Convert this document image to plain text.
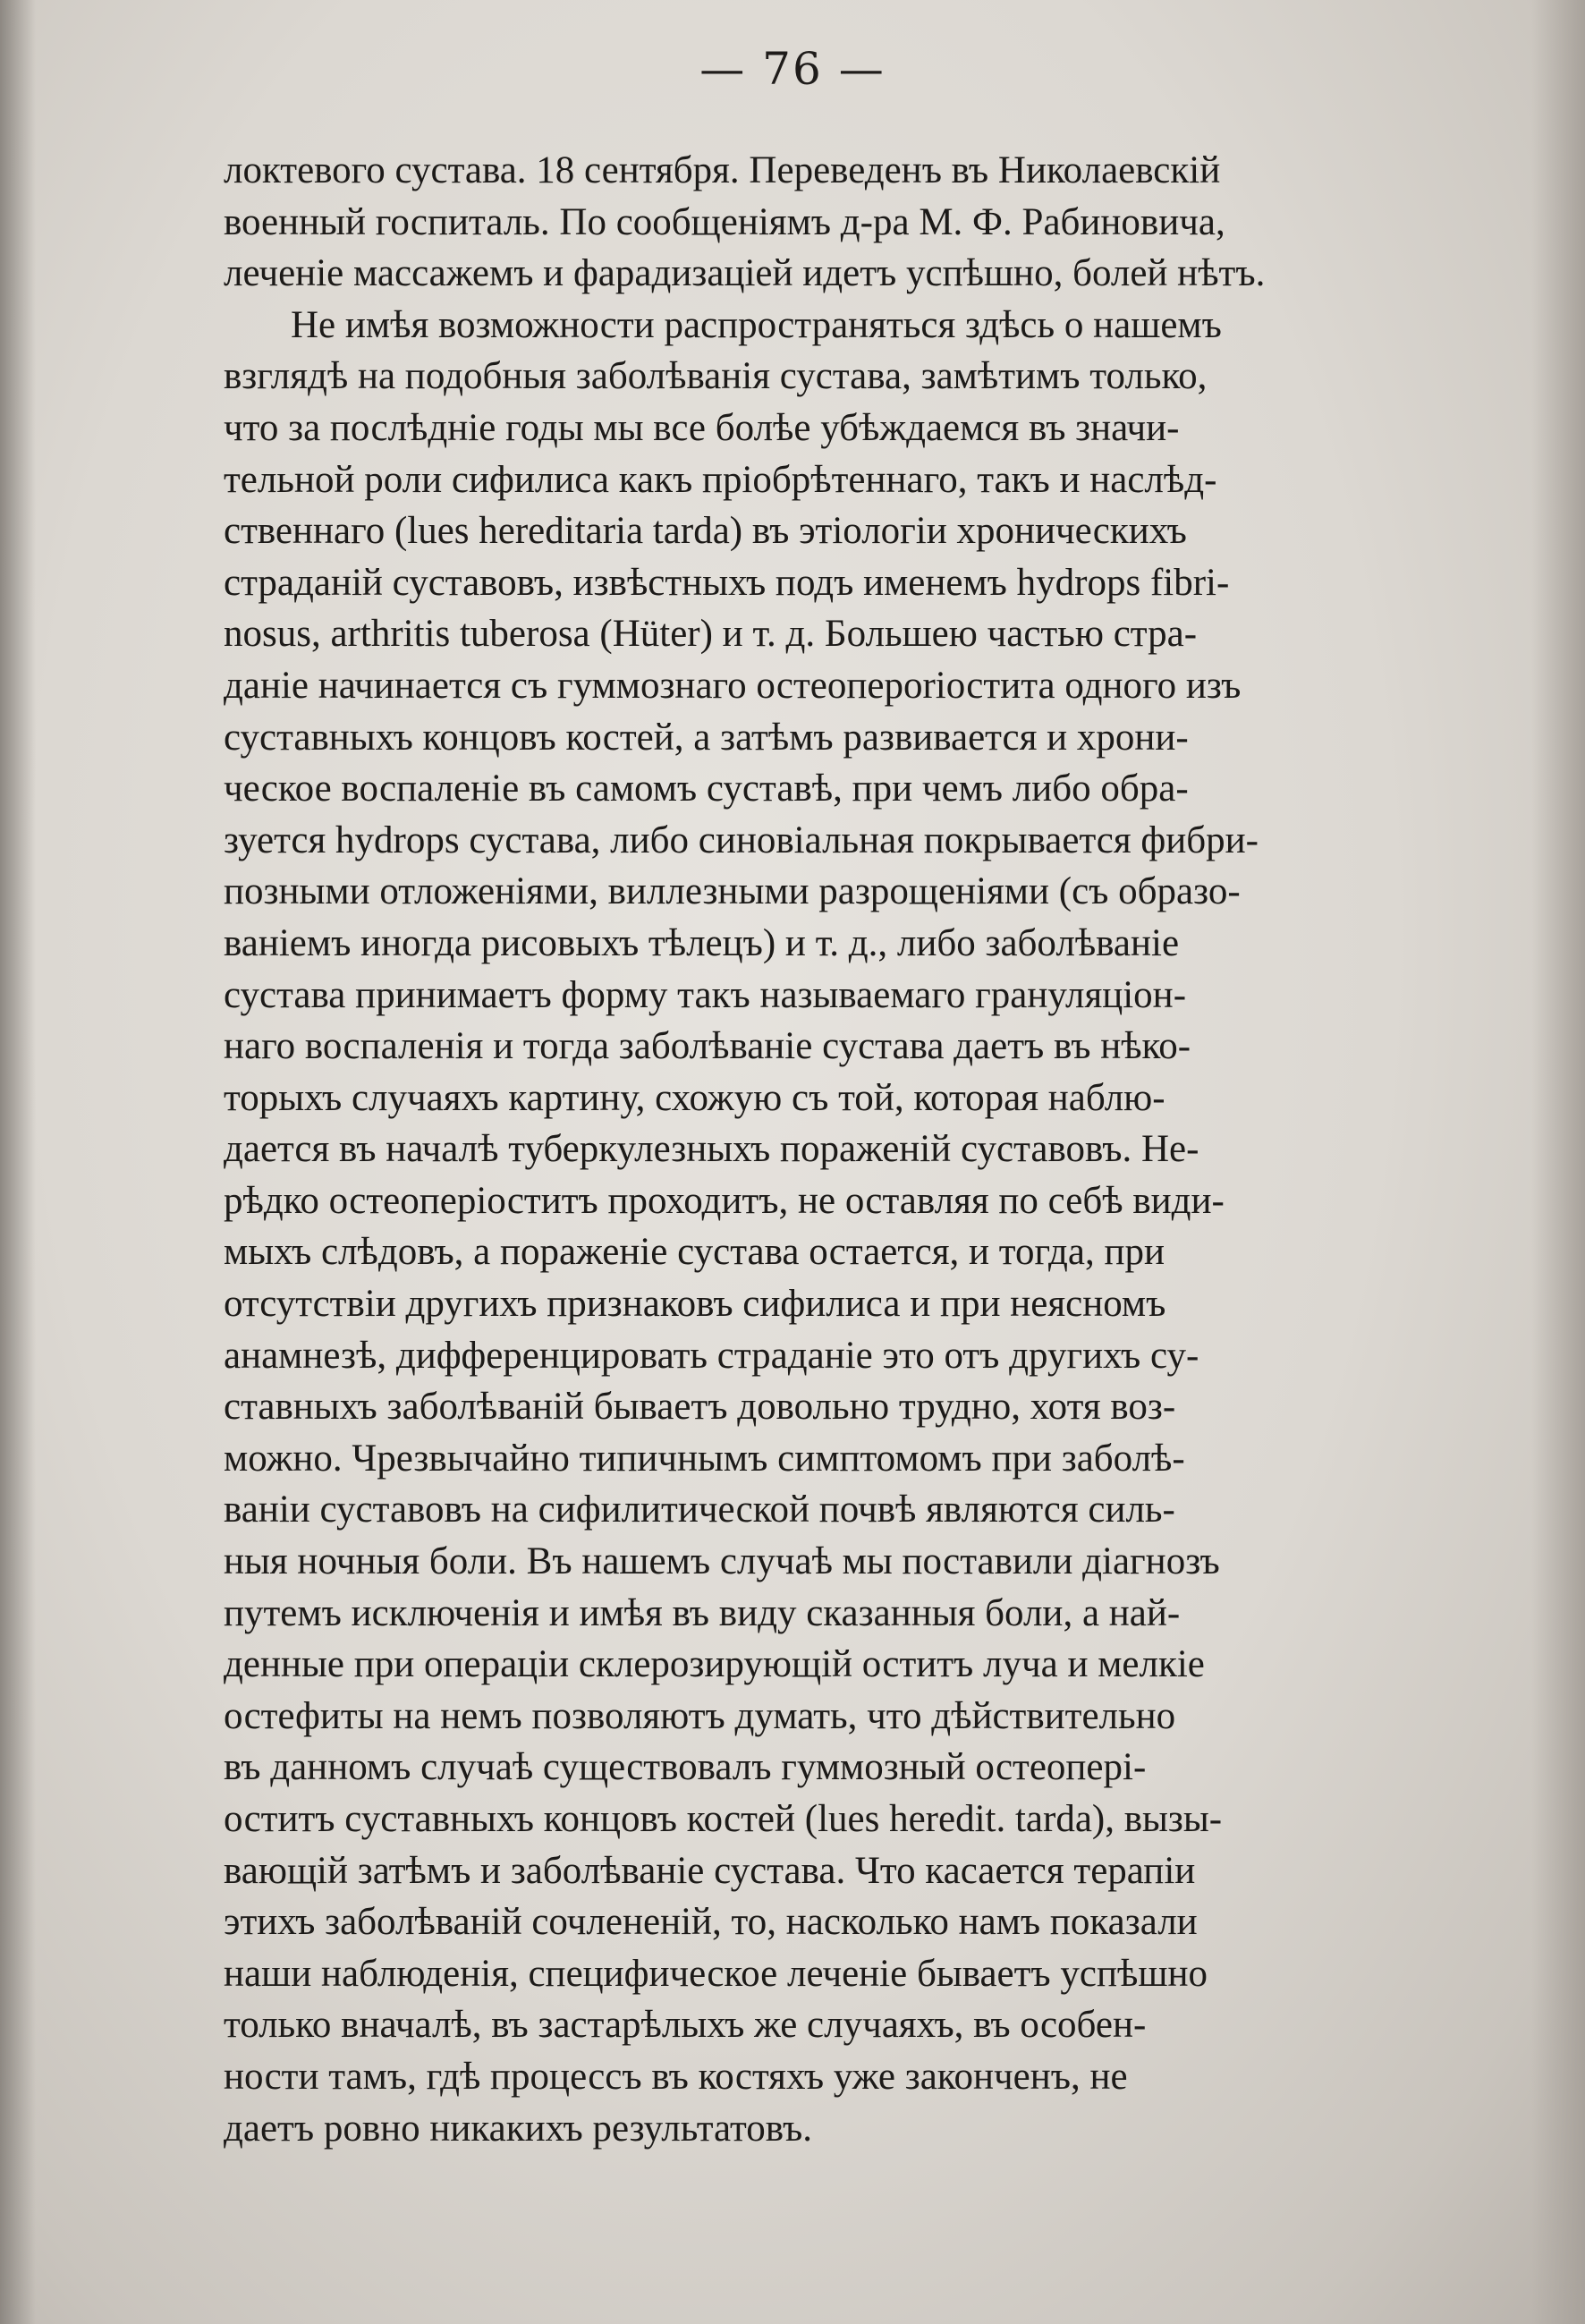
— 76 —
локтевого сустава. 18 сентября. Переведенъ въ Николаевскій
военный госпиталь. По сообщеніямъ д-ра М. Ф. Рабиновича,
леченіе массажемъ и фарадизаціей идетъ успѣшно, болей нѣтъ.
Не имѣя возможности распространяться здѣсь о нашемъ
взглядѣ на подобныя заболѣванія сустава, замѣтимъ только,
что за послѣдніе годы мы все болѣе убѣждаемся въ значи-
тельной роли сифилиса какъ пріобрѣтеннаго, такъ и наслѣд-
ственнаго (lues hereditaria tarda) въ этіологіи хроническихъ
страданій суставовъ, извѣстныхъ подъ именемъ hydrops fibri-
nosus, arthritis tuberosa (Hüter) и т. д. Большею частью стра-
даніе начинается съ гуммознаго остеопеporіостита одного изъ
суставныхъ концовъ костей, а затѣмъ развивается и хрони-
ческое воспаленіе въ самомъ суставѣ, при чемъ либо обра-
зуется hydrops сустава, либо синовіальная покрывается фибри-
позными отложеніями, виллезными разрощеніями (съ образо-
ваніемъ иногда рисовыхъ тѣлецъ) и т. д., либо заболѣваніе
сустава принимаетъ форму такъ называемаго грануляціон-
наго воспаленія и тогда заболѣваніе сустава даетъ въ нѣко-
торыхъ случаяхъ картину, схожую съ той, которая наблю-
дается въ началѣ туберкулезныхъ пораженій суставовъ. Не-
рѣдко остеоперіоститъ проходитъ, не оставляя по себѣ види-
мыхъ слѣдовъ, а пораженіе сустава остается, и тогда, при
отсутствіи другихъ признаковъ сифилиса и при неясномъ
анамнезѣ, дифференцировать страданіе это отъ другихъ су-
ставныхъ заболѣваній бываетъ довольно трудно, хотя воз-
можно. Чрезвычайно типичнымъ симптомомъ при заболѣ-
ваніи суставовъ на сифилитической почвѣ являются силь-
ныя ночныя боли. Въ нашемъ случаѣ мы поставили діагнозъ
путемъ исключенія и имѣя въ виду сказанныя боли, а най-
денные при операціи склерозирующій оститъ луча и мелкіе
остефиты на немъ позволяютъ думать, что дѣйствительно
въ данномъ случаѣ существовалъ гуммозный остеопері-
оститъ суставныхъ концовъ костей (lues heredit. tarda), вызы-
вающій затѣмъ и заболѣваніе сустава. Что касается терапіи
этихъ заболѣваній сочлененій, то, насколько намъ показали
наши наблюденія, специфическое леченіе бываетъ успѣшно
только вначалѣ, въ застарѣлыхъ же случаяхъ, въ особен-
ности тамъ, гдѣ процессъ въ костяхъ уже законченъ, не
даетъ ровно никакихъ результатовъ.
